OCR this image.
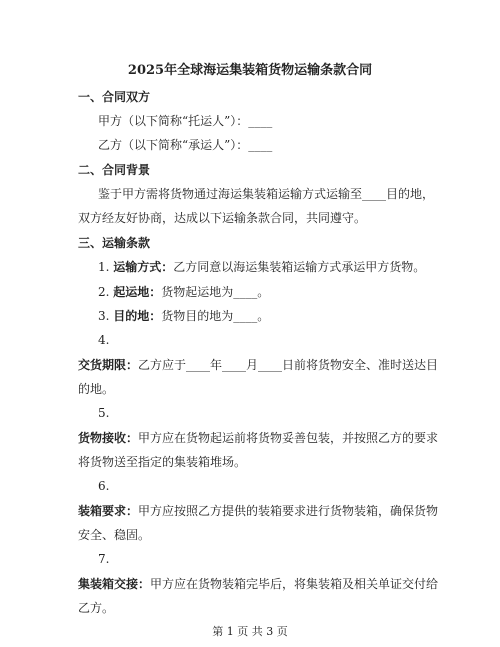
2025年全球海运集装箱货物运输条款合同
一、合同双方
甲方（以下简称“托运人”）：____
乙方（以下简称“承运人”）：____
二、合同背景
鉴于甲方需将货物通过海运集装箱运输方式运输至____目的地，
双方经友好协商，达成以下运输条款合同，共同遵守。
三、运输条款
1. 运输方式：乙方同意以海运集装箱运输方式承运甲方货物。
2. 起运地：货物起运地为____。
3. 目的地：货物目的地为____。
4.
交货期限：乙方应于____年____月____日前将货物安全、准时送达目
的地。
5.
货物接收：甲方应在货物起运前将货物妥善包装，并按照乙方的要求
将货物送至指定的集装箱堆场。
6.
装箱要求：甲方应按照乙方提供的装箱要求进行货物装箱，确保货物
安全、稳固。
7.
集装箱交接：甲方应在货物装箱完毕后，将集装箱及相关单证交付给
乙方。
第 1 页 共 3 页
